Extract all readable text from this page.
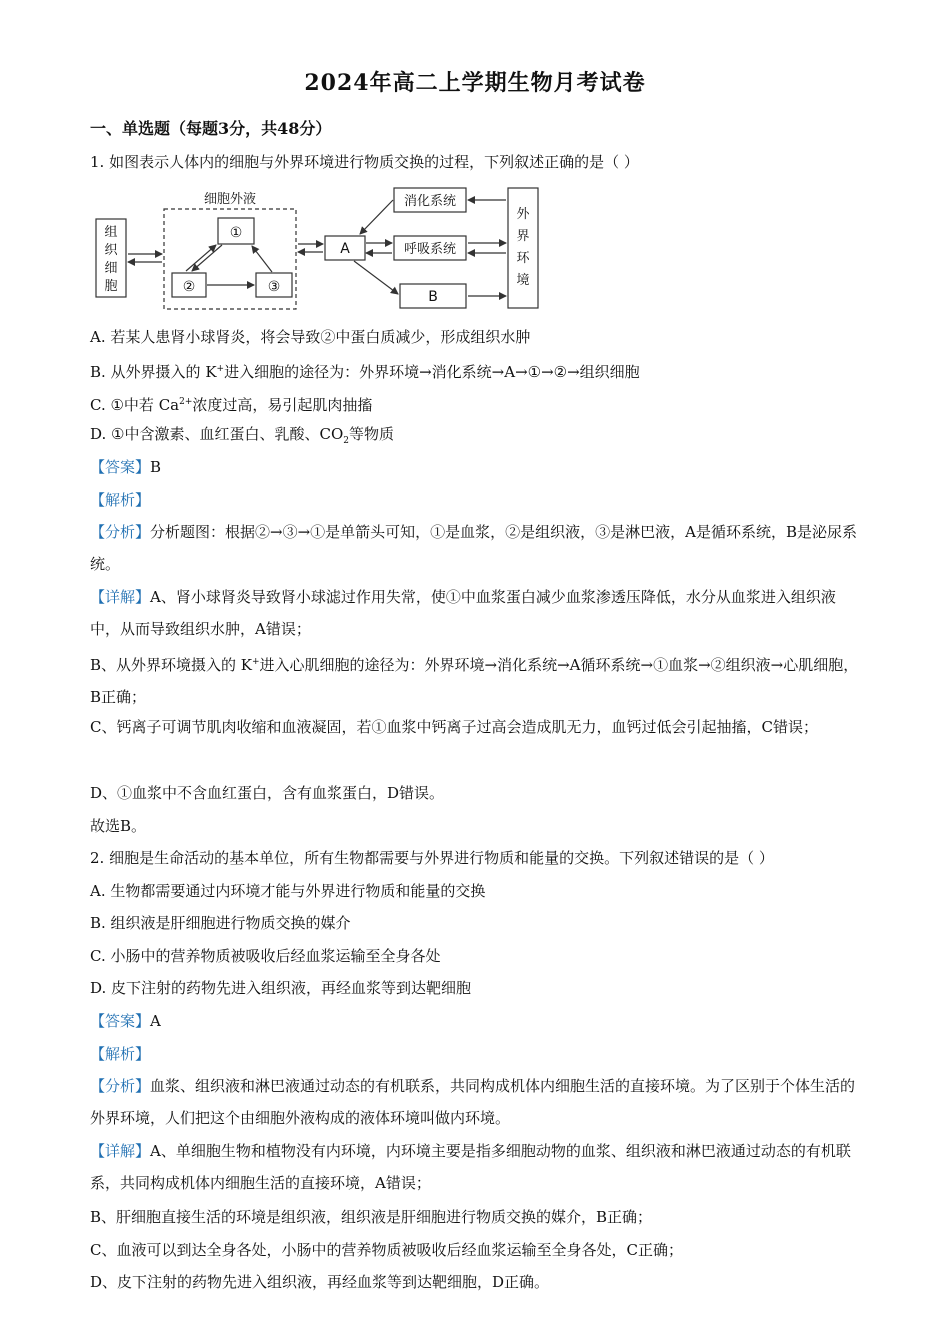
2024年高二上学期生物月考试卷
一、单选题（每题3分，共48分）
1. 如图表示人体内的细胞与外界环境进行物质交换的过程，下列叙述正确的是（ ）
细胞外液
①
②	③
A
B
消化系统
呼吸系统
组织细胞
外界环境
A. 若某人患肾小球肾炎，将会导致②中蛋白质减少，形成组织水肿
B. 从外界摄入的 K+进入细胞的途径为：外界环境→消化系统→A→①→②→组织细胞
C. ①中若 $Ca^{2+}$浓度过高，易引起肌肉抽搐
D. ①中含激素、血红蛋白、乳酸、$CO_2$等物质
【答案】B
【解析】
【分析】分析题图：根据②→③→①是单箭头可知，①是血浆，②是组织液，③是淋巴液，A是循环系统，B是泌尿系统。
【详解】A、肾小球肾炎导致肾小球滤过作用失常，使①中血浆蛋白减少血浆渗透压降低，水分从血浆进入组织液中，从而导致组织水肿，A错误；
B、从外界环境摄入的 K+进入心肌细胞的途径为：外界环境→消化系统→A循环系统→①血浆→②组织液→心肌细胞，B正确；
C、钙离子可调节肌肉收缩和血液凝固，若①血浆中钙离子过高会造成肌无力，血钙过低会引起抽搐，C错误；
D、①血浆中不含血红蛋白，含有血浆蛋白，D错误。
故选B。
2. 细胞是生命活动的基本单位，所有生物都需要与外界进行物质和能量的交换。下列叙述错误的是（ ）
A. 生物都需要通过内环境才能与外界进行物质和能量的交换
B. 组织液是肝细胞进行物质交换的媒介
C. 小肠中的营养物质被吸收后经血浆运输至全身各处
D. 皮下注射的药物先进入组织液，再经血浆等到达靶细胞
【答案】A
【解析】
【分析】血浆、组织液和淋巴液通过动态的有机联系，共同构成机体内细胞生活的直接环境。为了区别于个体生活的外界环境，人们把这个由细胞外液构成的液体环境叫做内环境。
【详解】A、单细胞生物和植物没有内环境，内环境主要是指多细胞动物的血浆、组织液和淋巴液通过动态的有机联系，共同构成机体内细胞生活的直接环境，A错误；
B、肝细胞直接生活的环境是组织液，组织液是肝细胞进行物质交换的媒介，B正确；
C、血液可以到达全身各处，小肠中的营养物质被吸收后经血浆运输至全身各处，C正确；
D、皮下注射的药物先进入组织液，再经血浆等到达靶细胞，D正确。
